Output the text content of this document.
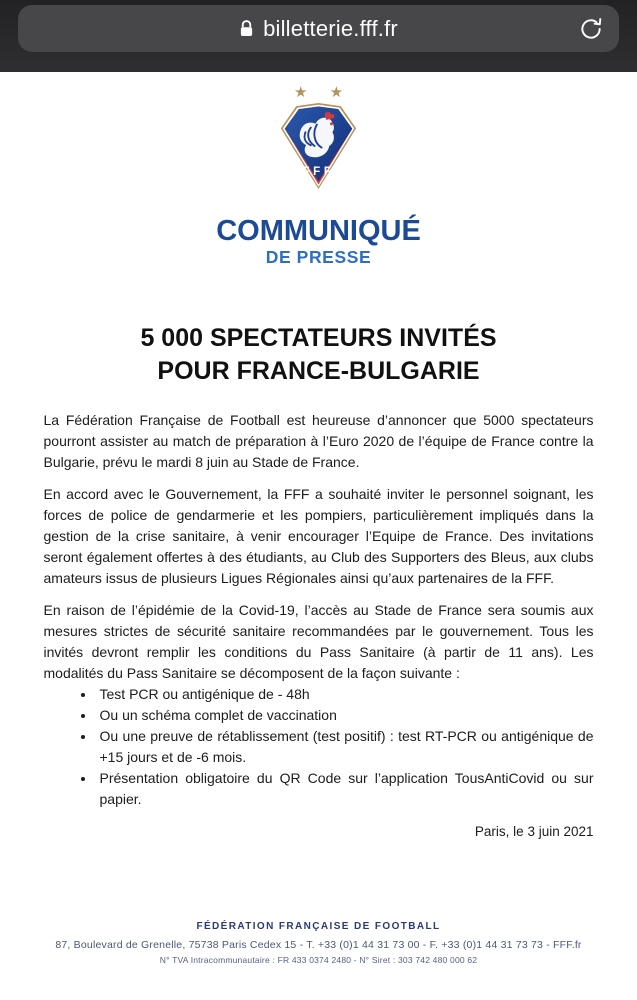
billetterie.fff.fr
★ ★
FFF
COMMUNIQUÉ
DE PRESSE
5 000 SPECTATEURS INVITÉS
POUR FRANCE-BULGARIE

La Fédération Française de Football est heureuse d’annoncer que 5000 spectateurs pourront assister au match de préparation à l’Euro 2020 de l’équipe de France contre la Bulgarie, prévu le mardi 8 juin au Stade de France.

En accord avec le Gouvernement, la FFF a souhaité inviter le personnel soignant, les forces de police de gendarmerie et les pompiers, particulièrement impliqués dans la gestion de la crise sanitaire, à venir encourager l’Equipe de France. Des invitations seront également offertes à des étudiants, au Club des Supporters des Bleus, aux clubs amateurs issus de plusieurs Ligues Régionales ainsi qu’aux partenaires de la FFF.

En raison de l’épidémie de la Covid-19, l’accès au Stade de France sera soumis aux mesures strictes de sécurité sanitaire recommandées par le gouvernement. Tous les invités devront remplir les conditions du Pass Sanitaire (à partir de 11 ans). Les modalités du Pass Sanitaire se décomposent de la façon suivante :

• Test PCR ou antigénique de - 48h
• Ou un schéma complet de vaccination
• Ou une preuve de rétablissement (test positif) : test RT-PCR ou antigénique de +15 jours et de -6 mois.
• Présentation obligatoire du QR Code sur l’application TousAntiCovid ou sur papier.
Paris, le 3 juin 2021
FÉDÉRATION FRANÇAISE DE FOOTBALL
87, Boulevard de Grenelle, 75738 Paris Cedex 15 - T. +33 (0)1 44 31 73 00 - F. +33 (0)1 44 31 73 73 - FFF.fr
N° TVA Intracommunautaire : FR 433 0374 2480 - N° Siret : 303 742 480 000 62
